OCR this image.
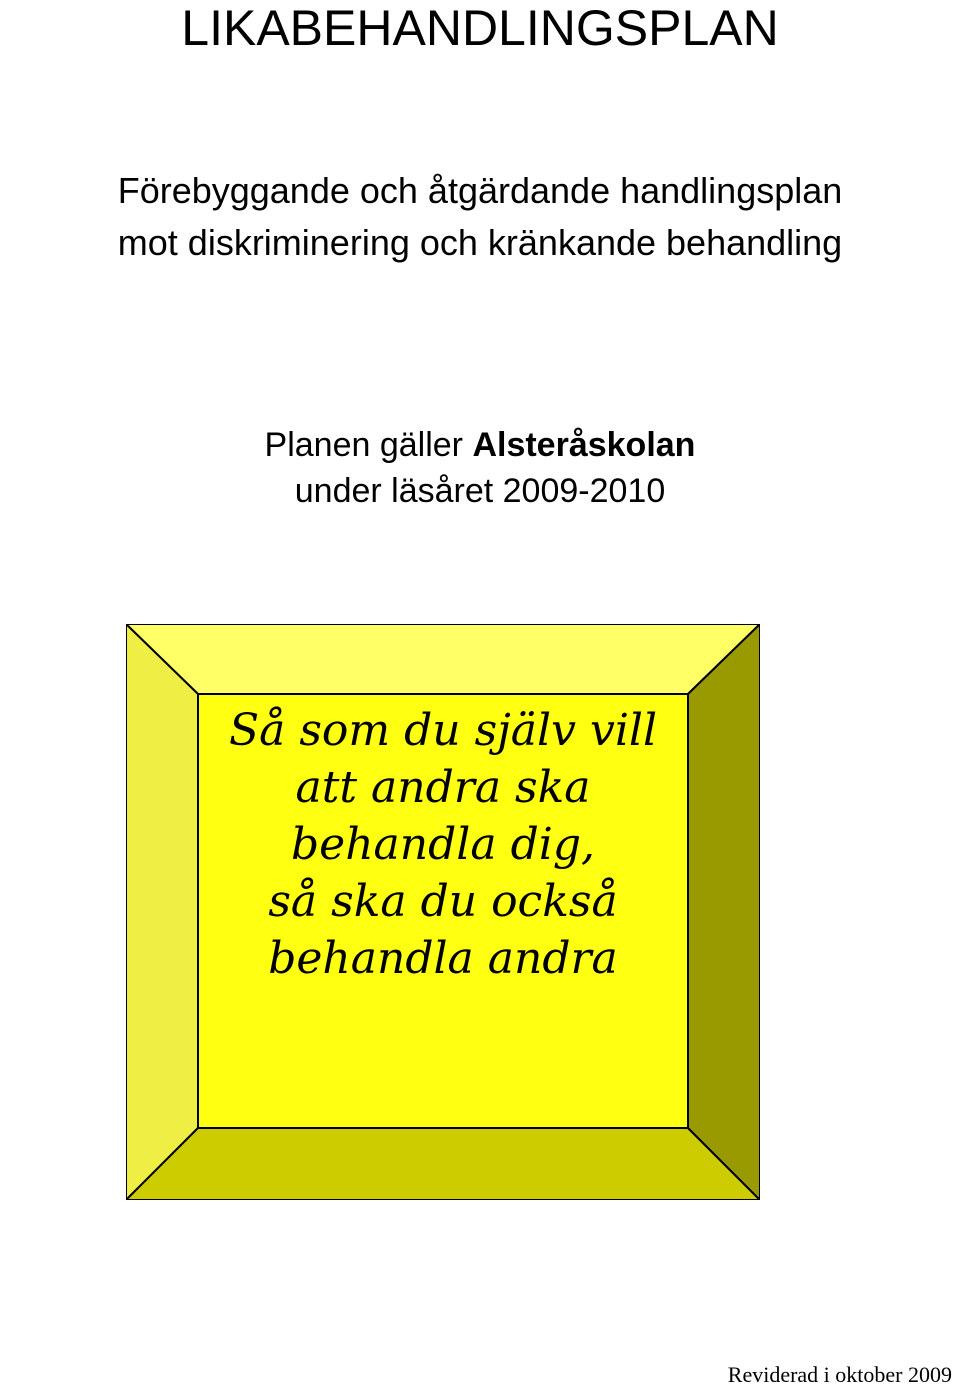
LIKABEHANDLINGSPLAN
Förebyggande och åtgärdande handlingsplan
mot diskriminering och kränkande behandling
Planen gäller Alsteråskolan
under läsåret 2009-2010
Så som du själv vill
att andra ska
behandla dig,
så ska du också
behandla andra
Reviderad i oktober 2009
